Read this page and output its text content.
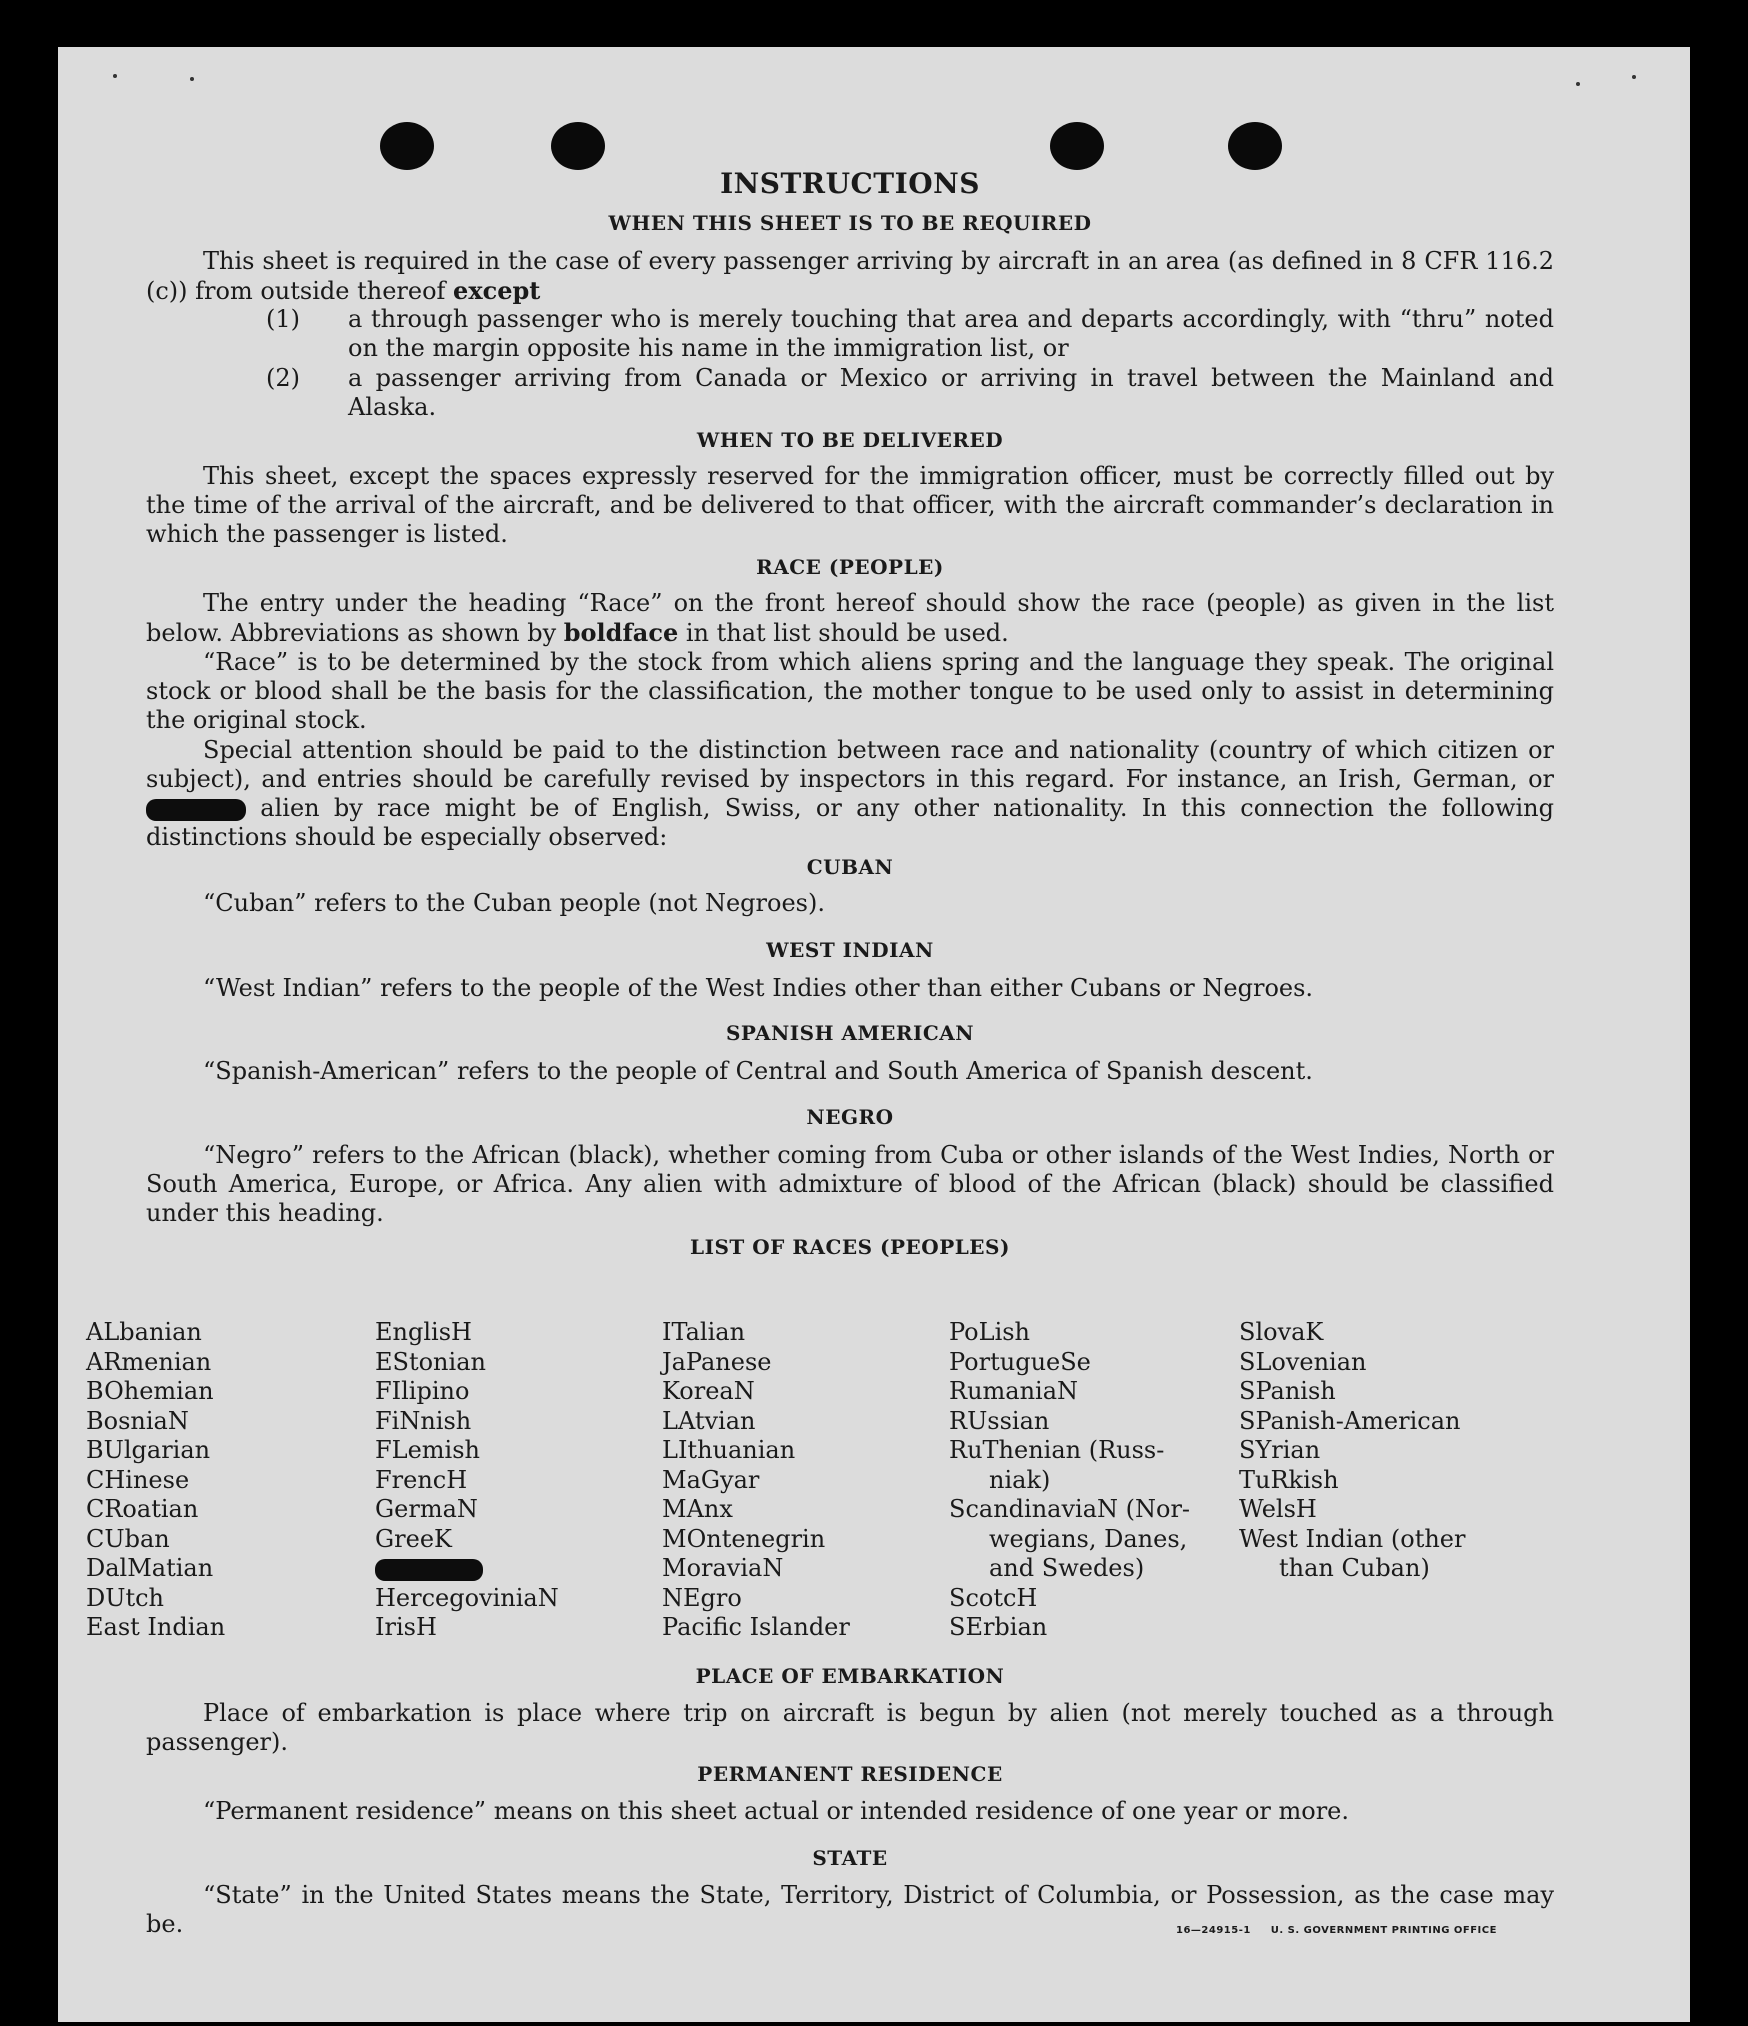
INSTRUCTIONS
WHEN THIS SHEET IS TO BE REQUIRED
This sheet is required in the case of every passenger arriving by aircraft in an area (as defined in 8 CFR 116.2 (c)) from outside thereof except
(1)	a through passenger who is merely touching that area and departs accordingly, with “thru” noted on the margin opposite his name in the immigration list, or
(2)	a passenger arriving from Canada or Mexico or arriving in travel between the Mainland and Alaska.
WHEN TO BE DELIVERED
This sheet, except the spaces expressly reserved for the immigration officer, must be correctly filled out by the time of the arrival of the aircraft, and be delivered to that officer, with the aircraft commander’s declaration in which the passenger is listed.
RACE (PEOPLE)
The entry under the heading “Race” on the front hereof should show the race (people) as given in the list below. Abbreviations as shown by boldface in that list should be used.
“Race” is to be determined by the stock from which aliens spring and the language they speak. The original stock or blood shall be the basis for the classification, the mother tongue to be used only to assist in determining the original stock.
Special attention should be paid to the distinction between race and nationality (country of which citizen or subject), and entries should be carefully revised by inspectors in this regard. For instance, an Irish, German, or  alien by race might be of English, Swiss, or any other nationality. In this connection the following distinctions should be especially observed:
CUBAN
“Cuban” refers to the Cuban people (not Negroes).
WEST INDIAN
“West Indian” refers to the people of the West Indies other than either Cubans or Negroes.
SPANISH AMERICAN
“Spanish-American” refers to the people of Central and South America of Spanish descent.
NEGRO
“Negro” refers to the African (black), whether coming from Cuba or other islands of the West Indies, North or South America, Europe, or Africa. Any alien with admixture of blood of the African (black) should be classified under this heading.
LIST OF RACES (PEOPLES)
ALbanian
ARmenian
BOhemian
BosniaN
BUlgarian
CHinese
CRoatian
CUban
DalMatian
DUtch
East Indian
EnglisH
EStonian
FIlipino
FiNnish
FLemish
FrencH
GermaN
GreeK
HercegoviniaN
IrisH
ITalian
JaPanese
KoreaN
LAtvian
LIthuanian
MaGyar
MAnx
MOntenegrin
MoraviaN
NEgro
Pacific Islander
PoLish
PortugueSe
RumaniaN
RUssian
RuThenian (Russ-
niak)
ScandinaviaN (Nor-
wegians, Danes,
and Swedes)
ScotcH
SErbian
SlovaK
SLovenian
SPanish
SPanish-American
SYrian
TuRkish
WelsH
West Indian (other
than Cuban)
PLACE OF EMBARKATION
Place of embarkation is place where trip on aircraft is begun by alien (not merely touched as a through passenger).
PERMANENT RESIDENCE
“Permanent residence” means on this sheet actual or intended residence of one year or more.
STATE
“State” in the United States means the State, Territory, District of Columbia, or Possession, as the case may be.	16—24915-1 U. S. GOVERNMENT PRINTING OFFICE
